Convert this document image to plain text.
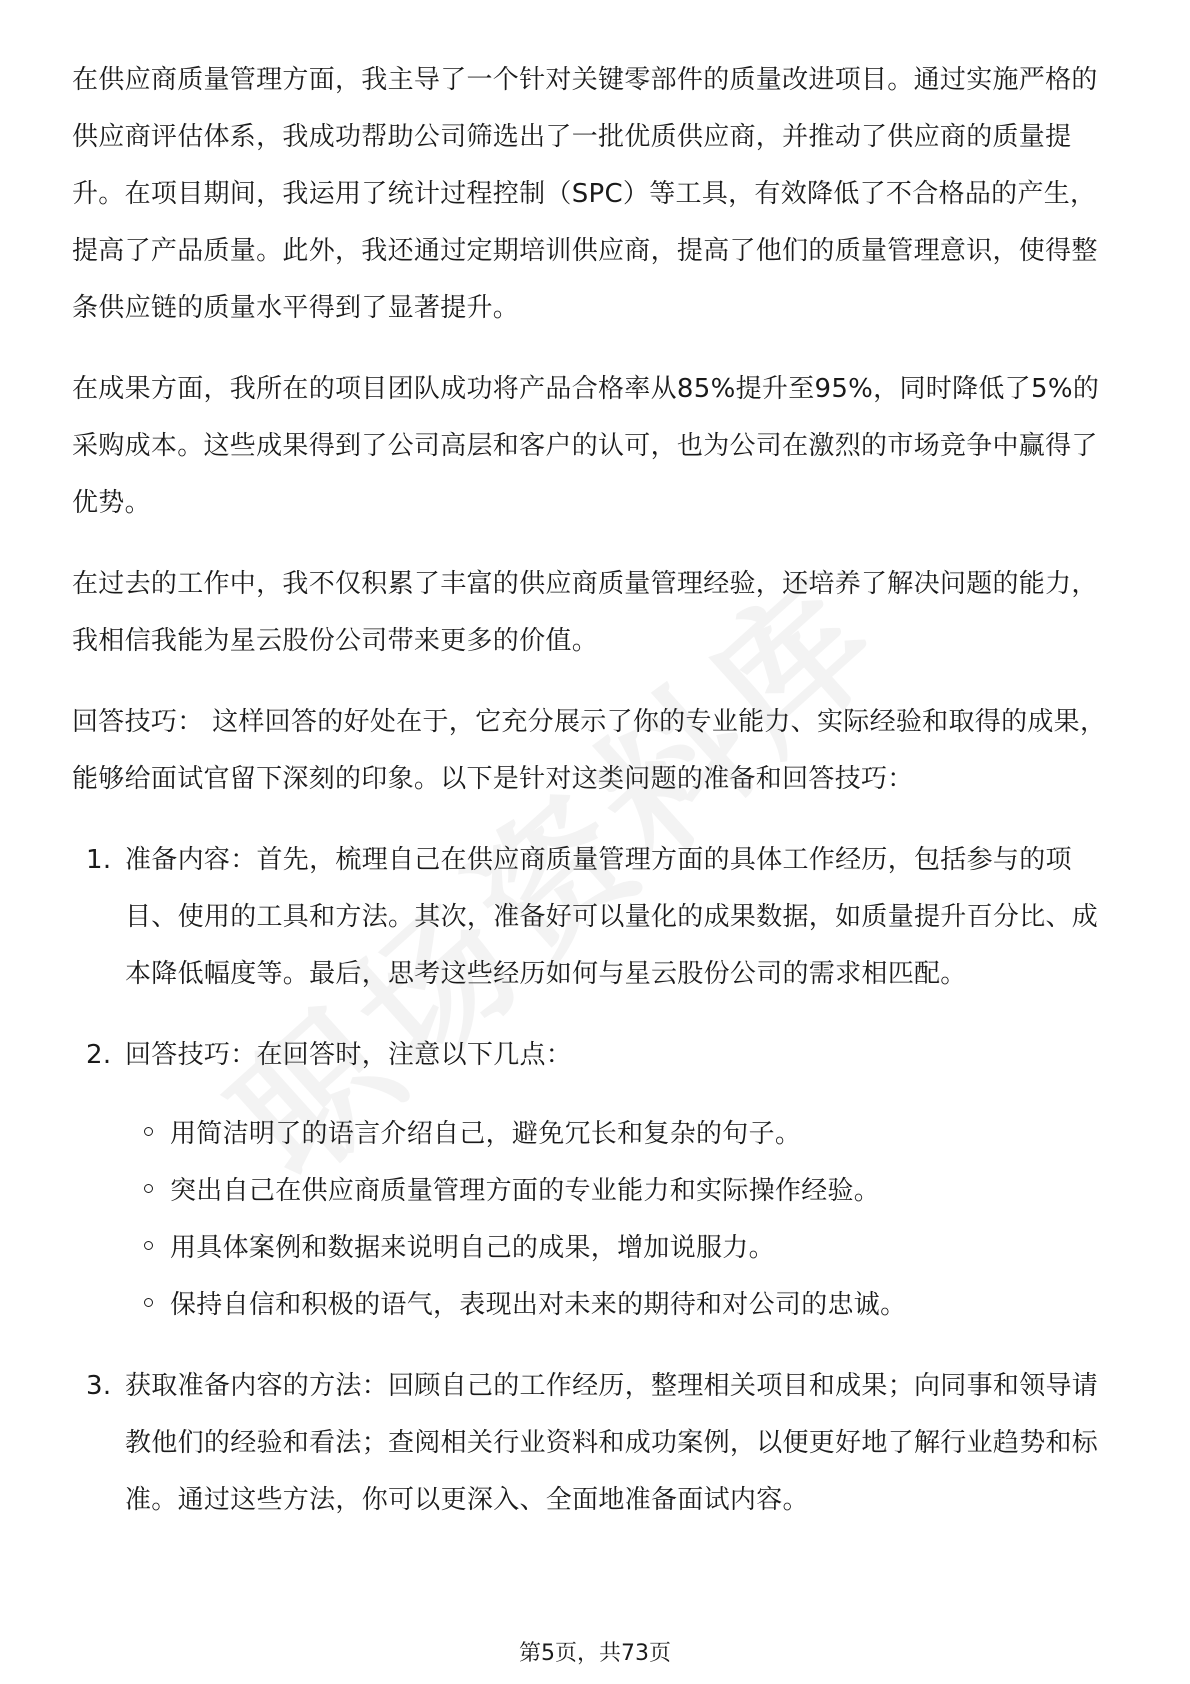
在供应商质量管理方面，我主导了一个针对关键零部件的质量改进项目。通过实施严格的供应商评估体系，我成功帮助公司筛选出了一批优质供应商，并推动了供应商的质量提升。在项目期间，我运用了统计过程控制（SPC）等工具，有效降低了不合格品的产生，提高了产品质量。此外，我还通过定期培训供应商，提高了他们的质量管理意识，使得整条供应链的质量水平得到了显著提升。

在成果方面，我所在的项目团队成功将产品合格率从85%提升至95%，同时降低了5%的采购成本。这些成果得到了公司高层和客户的认可，也为公司在激烈的市场竞争中赢得了优势。

在过去的工作中，我不仅积累了丰富的供应商质量管理经验，还培养了解决问题的能力，我相信我能为星云股份公司带来更多的价值。

回答技巧： 这样回答的好处在于，它充分展示了你的专业能力、实际经验和取得的成果，能够给面试官留下深刻的印象。以下是针对这类问题的准备和回答技巧：

1. 准备内容：首先，梳理自己在供应商质量管理方面的具体工作经历，包括参与的项目、使用的工具和方法。其次，准备好可以量化的成果数据，如质量提升百分比、成本降低幅度等。最后，思考这些经历如何与星云股份公司的需求相匹配。
2. 回答技巧：在回答时，注意以下几点：
用简洁明了的语言介绍自己，避免冗长和复杂的句子。
突出自己在供应商质量管理方面的专业能力和实际操作经验。
用具体案例和数据来说明自己的成果，增加说服力。
保持自信和积极的语气，表现出对未来的期待和对公司的忠诚。
3. 获取准备内容的方法：回顾自己的工作经历，整理相关项目和成果；向同事和领导请教他们的经验和看法；查阅相关行业资料和成功案例，以便更好地了解行业趋势和标准。通过这些方法，你可以更深入、全面地准备面试内容。
第5页，共73页
